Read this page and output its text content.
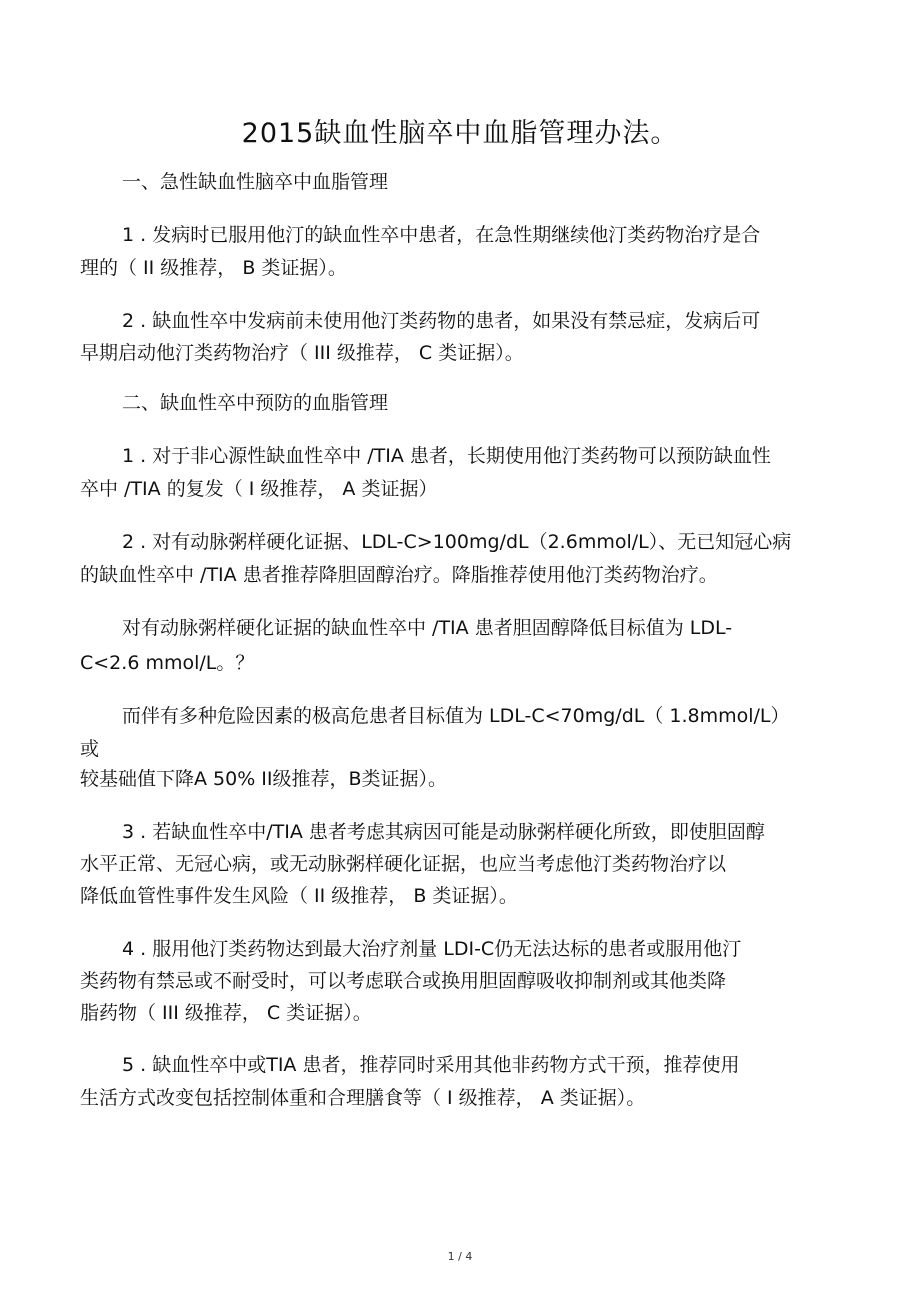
2015缺血性脑卒中血脂管理办法。
一、急性缺血性脑卒中血脂管理
1 . 发病时已服用他汀的缺血性卒中患者，在急性期继续他汀类药物治疗是合
理的（ II 级推荐， B 类证据）。
2 . 缺血性卒中发病前未使用他汀类药物的患者，如果没有禁忌症，发病后可
早期启动他汀类药物治疗（ III 级推荐， C 类证据）。
二、缺血性卒中预防的血脂管理
1 . 对于非心源性缺血性卒中 /TIA 患者，长期使用他汀类药物可以预防缺血性
卒中 /TIA 的复发（ I 级推荐， A 类证据）
2 . 对有动脉粥样硬化证据、LDL-C>100mg/dL（2.6mmol/L）、无已知冠心病
的缺血性卒中 /TIA 患者推荐降胆固醇治疗。降脂推荐使用他汀类药物治疗。
对有动脉粥样硬化证据的缺血性卒中 /TIA 患者胆固醇降低目标值为 LDL-
C<2.6 mmol/L。？
而伴有多种危险因素的极高危患者目标值为 LDL-C<70mg/dL（ 1.8mmol/L）
或
较基础值下降A 50% II级推荐，B类证据）。
3 . 若缺血性卒中/TIA 患者考虑其病因可能是动脉粥样硬化所致，即使胆固醇
水平正常、无冠心病，或无动脉粥样硬化证据，也应当考虑他汀类药物治疗以
降低血管性事件发生风险（ II 级推荐， B 类证据）。
4 . 服用他汀类药物达到最大治疗剂量 LDI-C仍无法达标的患者或服用他汀
类药物有禁忌或不耐受时，可以考虑联合或换用胆固醇吸收抑制剂或其他类降
脂药物（ III 级推荐， C 类证据）。
5 . 缺血性卒中或TIA 患者，推荐同时采用其他非药物方式干预，推荐使用
生活方式改变包括控制体重和合理膳食等（ I 级推荐， A 类证据）。
1 / 4
